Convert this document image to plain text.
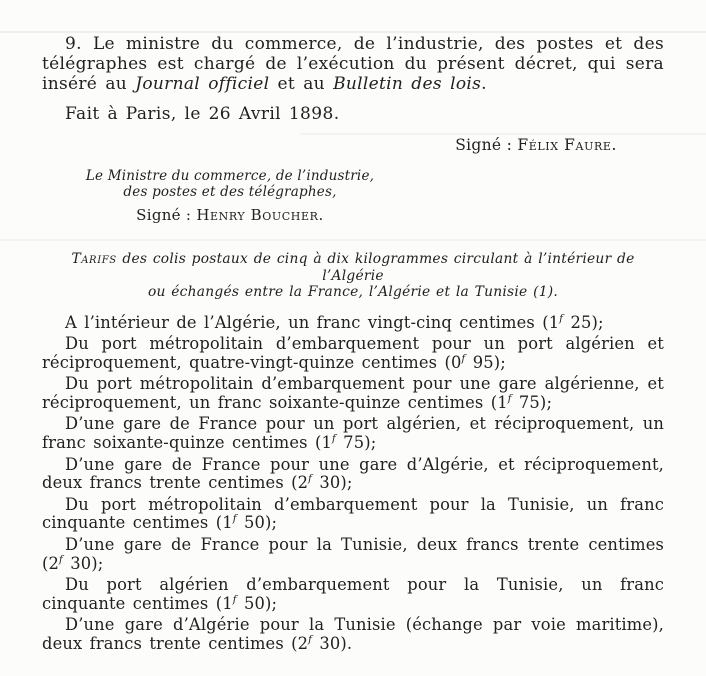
9. Le ministre du commerce, de l’industrie, des postes et des télégraphes est chargé de l’exécution du présent décret, qui sera inséré au Journal officiel et au Bulletin des lois.

Fait à Paris, le 26 Avril 1898.

Signé : Félix Faure.

Le Ministre du commerce, de l’industrie,

des postes et des télégraphes,

Signé : Henry Boucher.

Tarifs des colis postaux de cinq à dix kilogrammes circulant à l’intérieur de l’Algérie

ou échangés entre la France, l’Algérie et la Tunisie (1).

A l’intérieur de l’Algérie, un franc vingt-cinq centimes (1$^f$ 25);

Du port métropolitain d’embarquement pour un port algérien et réciproquement, quatre-vingt-quinze centimes (0$^f$ 95);

Du port métropolitain d’embarquement pour une gare algérienne, et réciproquement, un franc soixante-quinze centimes (1$^f$ 75);

D’une gare de France pour un port algérien, et réciproquement, un franc soixante-quinze centimes (1$^f$ 75);

D’une gare de France pour une gare d’Algérie, et réciproquement, deux francs trente centimes (2$^f$ 30);

Du port métropolitain d’embarquement pour la Tunisie, un franc cinquante centimes (1$^f$ 50);

D’une gare de France pour la Tunisie, deux francs trente centimes (2$^f$ 30);

Du port algérien d’embarquement pour la Tunisie, un franc cinquante centimes (1$^f$ 50);

D’une gare d’Algérie pour la Tunisie (échange par voie maritime), deux francs trente centimes (2$^f$ 30).
